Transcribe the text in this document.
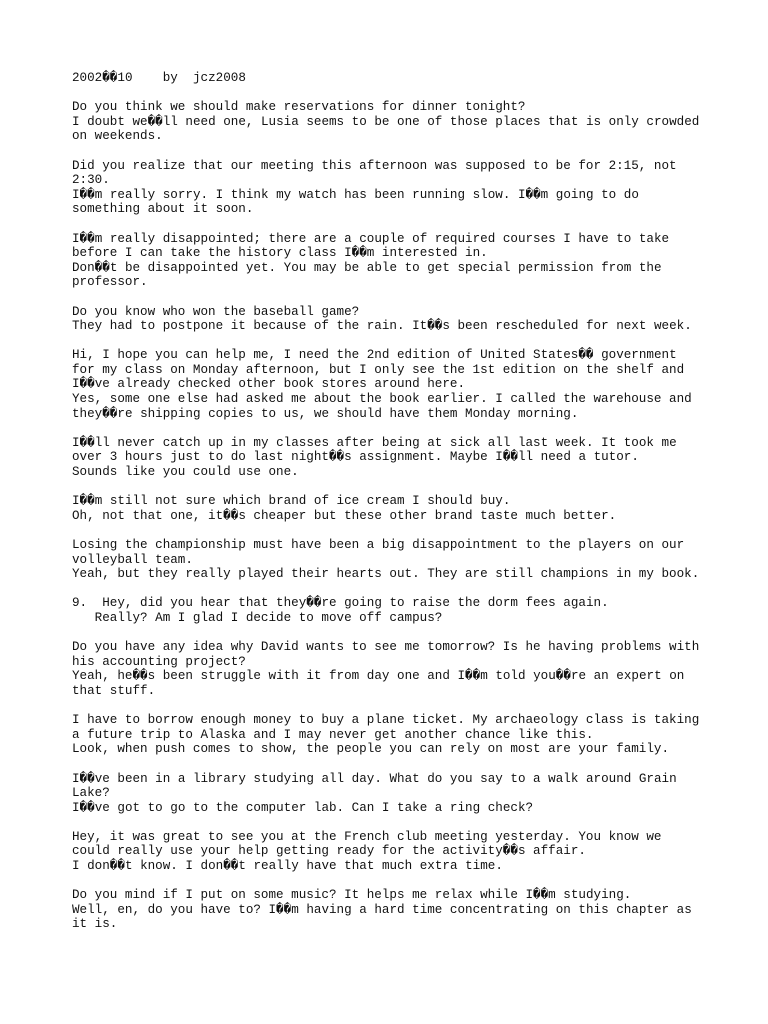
2002��10    by  jcz2008
Do you think we should make reservations for dinner tonight?
I doubt we��ll need one, Lusia seems to be one of those places that is only crowded
on weekends.
Did you realize that our meeting this afternoon was supposed to be for 2:15, not
2:30.
I��m really sorry. I think my watch has been running slow. I��m going to do
something about it soon.
I��m really disappointed; there are a couple of required courses I have to take
before I can take the history class I��m interested in.
Don��t be disappointed yet. You may be able to get special permission from the
professor.
Do you know who won the baseball game?
They had to postpone it because of the rain. It��s been rescheduled for next week.
Hi, I hope you can help me, I need the 2nd edition of United States�� government
for my class on Monday afternoon, but I only see the 1st edition on the shelf and
I��ve already checked other book stores around here.
Yes, some one else had asked me about the book earlier. I called the warehouse and
they��re shipping copies to us, we should have them Monday morning.
I��ll never catch up in my classes after being at sick all last week. It took me
over 3 hours just to do last night��s assignment. Maybe I��ll need a tutor.
Sounds like you could use one.
I��m still not sure which brand of ice cream I should buy.
Oh, not that one, it��s cheaper but these other brand taste much better.
Losing the championship must have been a big disappointment to the players on our
volleyball team.
Yeah, but they really played their hearts out. They are still champions in my book.
9.  Hey, did you hear that they��re going to raise the dorm fees again.
Really? Am I glad I decide to move off campus?
Do you have any idea why David wants to see me tomorrow? Is he having problems with
his accounting project?
Yeah, he��s been struggle with it from day one and I��m told you��re an expert on
that stuff.
I have to borrow enough money to buy a plane ticket. My archaeology class is taking
a future trip to Alaska and I may never get another chance like this.
Look, when push comes to show, the people you can rely on most are your family.
I��ve been in a library studying all day. What do you say to a walk around Grain
Lake?
I��ve got to go to the computer lab. Can I take a ring check?
Hey, it was great to see you at the French club meeting yesterday. You know we
could really use your help getting ready for the activity��s affair.
I don��t know. I don��t really have that much extra time.
Do you mind if I put on some music? It helps me relax while I��m studying.
Well, en, do you have to? I��m having a hard time concentrating on this chapter as
it is.
